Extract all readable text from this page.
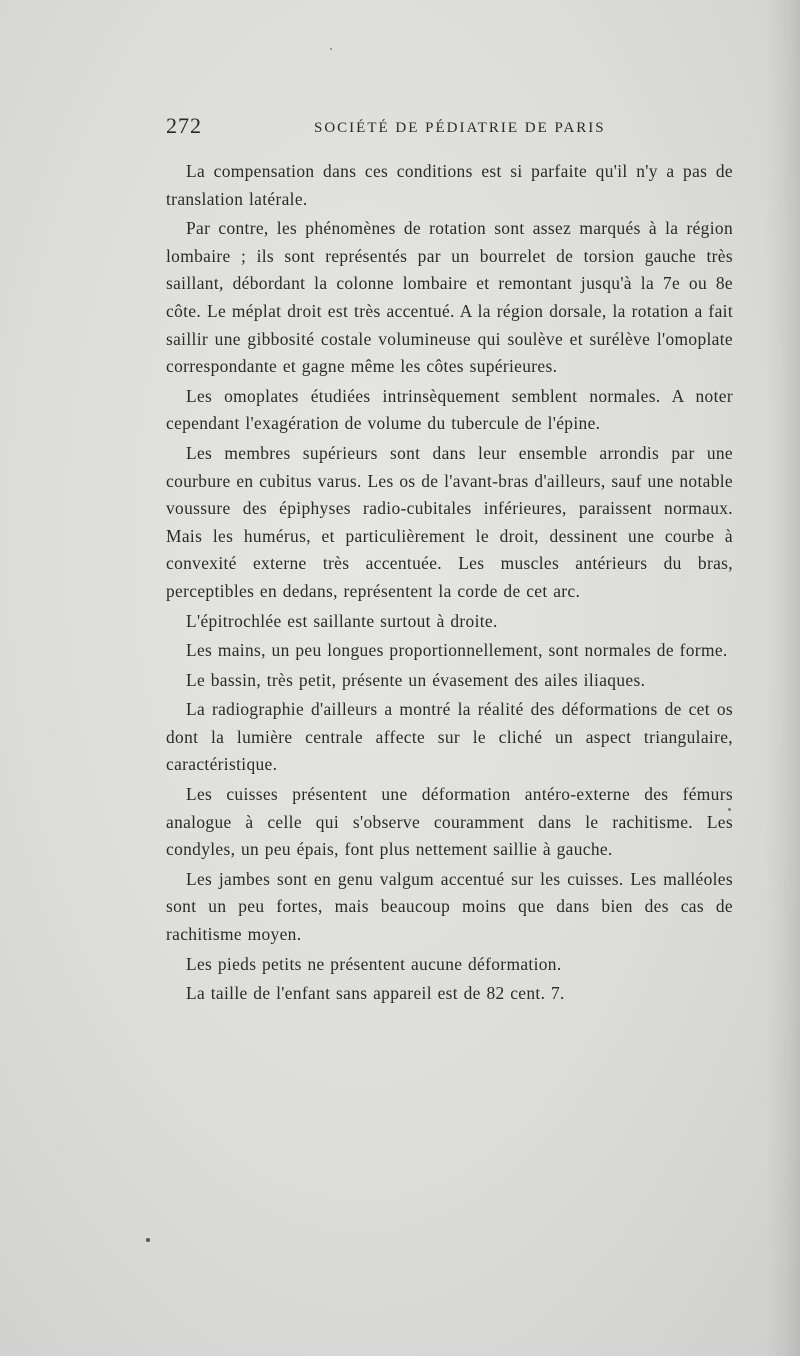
272	SOCIÉTÉ DE PÉDIATRIE DE PARIS

La compensation dans ces conditions est si parfaite qu'il n'y a pas de translation latérale.

Par contre, les phénomènes de rotation sont assez marqués à la région lombaire ; ils sont représentés par un bourrelet de torsion gauche très saillant, débordant la colonne lombaire et remontant jusqu'à la 7e ou 8e côte. Le méplat droit est très accentué. A la région dorsale, la rotation a fait saillir une gibbosité costale volumineuse qui soulève et surélève l'omoplate correspondante et gagne même les côtes supérieures.

Les omoplates étudiées intrinsèquement semblent normales. A noter cependant l'exagération de volume du tubercule de l'épine.

Les membres supérieurs sont dans leur ensemble arrondis par une courbure en cubitus varus. Les os de l'avant-bras d'ailleurs, sauf une notable voussure des épiphyses radio-cubitales inférieures, paraissent normaux. Mais les humérus, et particulièrement le droit, dessinent une courbe à convexité externe très accentuée. Les muscles antérieurs du bras, perceptibles en dedans, représentent la corde de cet arc.

L'épitrochlée est saillante surtout à droite.

Les mains, un peu longues proportionnellement, sont normales de forme.

Le bassin, très petit, présente un évasement des ailes iliaques.

La radiographie d'ailleurs a montré la réalité des déformations de cet os dont la lumière centrale affecte sur le cliché un aspect triangulaire, caractéristique.

Les cuisses présentent une déformation antéro-externe des fémurs analogue à celle qui s'observe couramment dans le rachitisme. Les condyles, un peu épais, font plus nettement saillie à gauche.

Les jambes sont en genu valgum accentué sur les cuisses. Les malléoles sont un peu fortes, mais beaucoup moins que dans bien des cas de rachitisme moyen.

Les pieds petits ne présentent aucune déformation.

La taille de l'enfant sans appareil est de 82 cent. 7.
